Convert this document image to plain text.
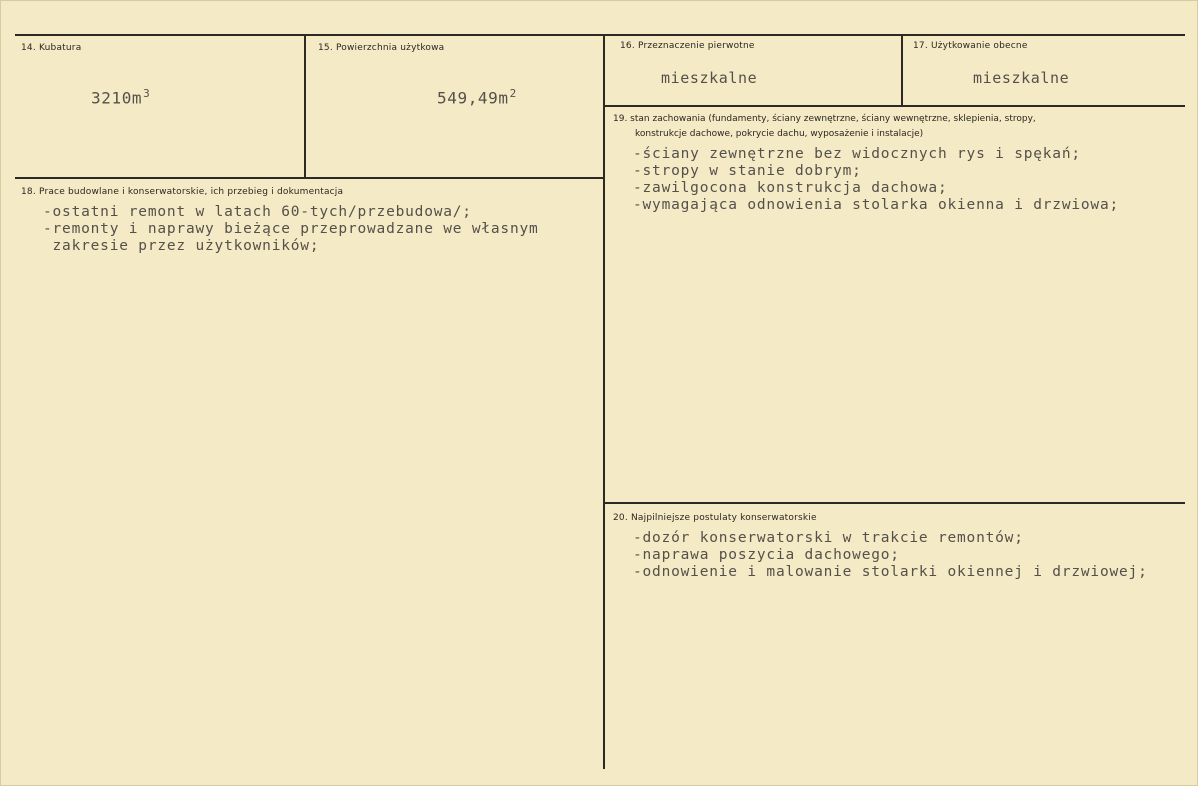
14. Kubatura
$3210m^3$
15. Powierzchnia użytkowa
$549,49m^2$
16. Przeznaczenie pierwotne
mieszkalne
17. Użytkowanie obecne
mieszkalne
18. Prace budowlane i konserwatorskie, ich przebieg i dokumentacja
-ostatni remont w latach 60-tych/przebudowa/;
-remonty i naprawy bieżące przeprowadzane we własnym
zakresie przez użytkowników;
19. stan zachowania (fundamenty, ściany zewnętrzne, ściany wewnętrzne, sklepienia, stropy,
konstrukcje dachowe, pokrycie dachu, wyposażenie i instalacje)
-ściany zewnętrzne bez widocznych rys i spękań;
-stropy w stanie dobrym;
-zawilgocona konstrukcja dachowa;
-wymagająca odnowienia stolarka okienna i drzwiowa;
20. Najpilniejsze postulaty konserwatorskie
-dozór konserwatorski w trakcie remontów;
-naprawa poszycia dachowego;
-odnowienie i malowanie stolarki okiennej i drzwiowej;
